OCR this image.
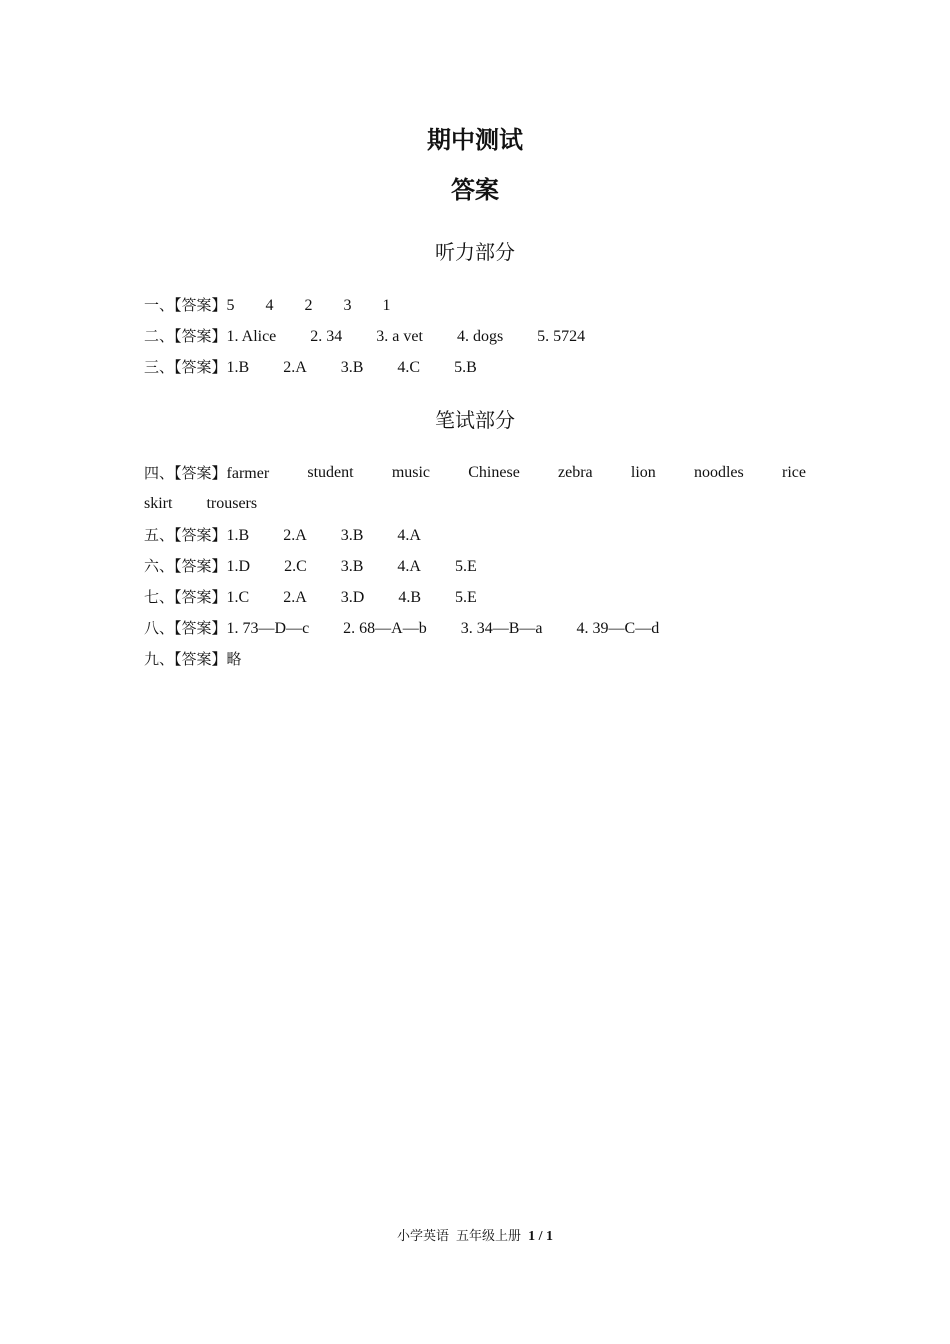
期中测试
答案
听力部分
一、【答案】5 4 2 3 1
二、【答案】1. Alice 2. 34 3. a vet 4. dogs 5. 5724
三、【答案】1.B 2.A 3.B 4.C 5.B
笔试部分
四、【答案】farmer student music Chinese zebra lion noodles rice
skirt trousers
五、【答案】1.B 2.A 3.B 4.A
六、【答案】1.D 2.C 3.B 4.A 5.E
七、【答案】1.C 2.A 3.D 4.B 5.E
八、【答案】1. 73—D—c 2. 68—A—b 3. 34—B—a 4. 39—C—d
九、【答案】略
小学英语 五年级上册 1 / 1
